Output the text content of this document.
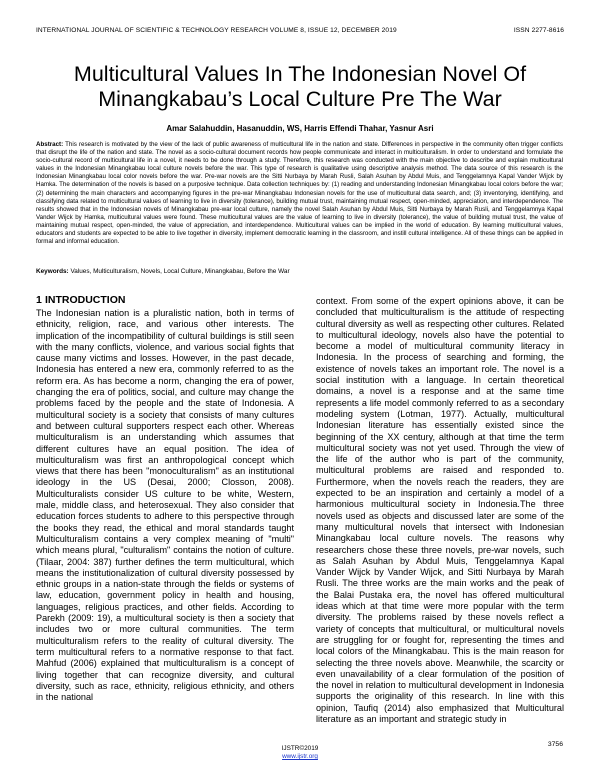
INTERNATIONAL JOURNAL OF SCIENTIFIC & TECHNOLOGY RESEARCH VOLUME 8, ISSUE 12, DECEMBER 2019	ISSN 2277-8616
Multicultural Values In The Indonesian Novel Of Minangkabau’s Local Culture Pre The War
Amar Salahuddin, Hasanuddin, WS, Harris Effendi Thahar, Yasnur Asri

Abstract: This research is motivated by the view of the lack of public awareness of multicultural life in the nation and state. Differences in perspective in the community often trigger conflicts that disrupt the life of the nation and state. The novel as a socio-cultural document records how people communicate and interact in multiculturalism. In order to understand and formulate the socio-cultural record of multicultural life in a novel, it needs to be done through a study. Therefore, this research was conducted with the main objective to describe and explain multicultural values in the Indonesian Minangkabau local culture novels before the war. This type of research is qualitative using descriptive analysis method. The data source of this research is the Indonesian Minangkabau local color novels before the war. Pre-war novels are the Sitti Nurbaya by Marah Rusli, Salah Asuhan by Abdul Muis, and Tenggelamnya Kapal Vander Wijck by Hamka. The determination of the novels is based on a purposive technique. Data collection techniques by: (1) reading and understanding Indonesian Minangkabau local colors before the war; (2) determining the main characters and accompanying figures in the pre-war Minangkabau Indonesian novels for the use of multicultural data search, and; (3) inventorying, identifying, and classifying data related to multicultural values of learning to live in diversity (tolerance), building mutual trust, maintaining mutual respect, open-minded, appreciation, and interdependence. The results showed that in the Indonesian novels of Minangkabau pre-war local culture, namely the novel Salah Asuhan by Abdul Muis, Sitti Nurbaya by Marah Rusli, and Tenggelamnya Kapal Vander Wijck by Hamka, multicultural values were found. These multicultural values are the value of learning to live in diversity (tolerance), the value of building mutual trust, the value of maintaining mutual respect, open-minded, the value of appreciation, and interdependence. Multicultural values can be implied in the world of education. By learning multicultural values, educators and students are expected to be able to live together in diversity, implement democratic learning in the classroom, and instill cultural intelligence. All of these things can be applied in formal and informal education.

Keywords: Values, Multiculturalism, Novels, Local Culture, Minangkabau, Before the War

1 INTRODUCTION

The Indonesian nation is a pluralistic nation, both in terms of ethnicity, religion, race, and various other interests. The implication of the incompatibility of cultural buildings is still seen with the many conflicts, violence, and various social fights that cause many victims and losses. However, in the past decade, Indonesia has entered a new era, commonly referred to as the reform era. As has become a norm, changing the era of power, changing the era of politics, social, and culture may change the problems faced by the people and the state of Indonesia. A multicultural society is a society that consists of many cultures and between cultural supporters respect each other. Whereas multiculturalism is an understanding which assumes that different cultures have an equal position. The idea of multiculturalism was first an anthropological concept which views that there has been "monoculturalism" as an institutional ideology in the US (Desai, 2000; Closson, 2008). Multiculturalists consider US culture to be white, Western, male, middle class, and heterosexual. They also consider that education forces students to adhere to this perspective through the books they read, the ethical and moral standards taught Multiculturalism contains a very complex meaning of "multi" which means plural, "culturalism" contains the notion of culture. (Tilaar, 2004: 387) further defines the term multicultural, which means the institutionalization of cultural diversity possessed by ethnic groups in a nation-state through the fields or systems of law, education, government policy in health and housing, languages, religious practices, and other fields. According to Parekh (2009: 19), a multicultural society is then a society that includes two or more cultural communities. The term multiculturalism refers to the reality of cultural diversity. The term multicultural refers to a normative response to that fact. Mahfud (2006) explained that multiculturalism is a concept of living together that can recognize diversity, and cultural diversity, such as race, ethnicity, religious ethnicity, and others in the national

context. From some of the expert opinions above, it can be concluded that multiculturalism is the attitude of respecting cultural diversity as well as respecting other cultures. Related to multicultural ideology, novels also have the potential to become a model of multicultural community literacy in Indonesia. In the process of searching and forming, the existence of novels takes an important role. The novel is a social institution with a language. In certain theoretical domains, a novel is a response and at the same time represents a life model commonly referred to as a secondary modeling system (Lotman, 1977). Actually, multicultural Indonesian literature has essentially existed since the beginning of the XX century, although at that time the term multicultural society was not yet used. Through the view of the life of the author who is part of the community, multicultural problems are raised and responded to. Furthermore, when the novels reach the readers, they are expected to be an inspiration and certainly a model of a harmonious multicultural society in Indonesia.The three novels used as objects and discussed later are some of the many multicultural novels that intersect with Indonesian Minangkabau local culture novels. The reasons why researchers chose these three novels, pre-war novels, such as Salah Asuhan by Abdul Muis, Tenggelamnya Kapal Vander Wijck by Vander Wijck, and Sitti Nurbaya by Marah Rusli. The three works are the main works and the peak of the Balai Pustaka era, the novel has offered multicultural ideas which at that time were more popular with the term diversity. The problems raised by these novels reflect a variety of concepts that multicultural, or multicultural novels are struggling for or fought for, representing the times and local colors of the Minangkabau. This is the main reason for selecting the three novels above. Meanwhile, the scarcity or even unavailability of a clear formulation of the position of the novel in relation to multicultural development in Indonesia supports the originality of this research. In line with this opinion, Taufiq (2014) also emphasized that Multicultural literature as an important and strategic study in

IJSTR©2019
www.ijstr.org
3756
